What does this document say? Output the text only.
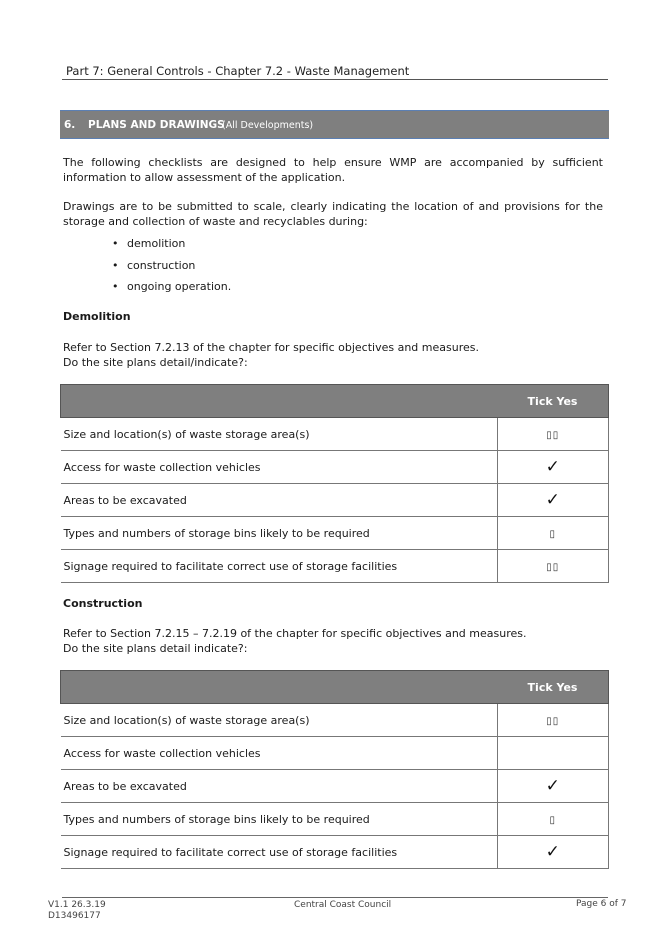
Part 7: General Controls - Chapter 7.2 - Waste Management
6. PLANS AND DRAWINGS
(All Developments)
The following checklists are designed to help ensure WMP are accompanied by sufficient information to allow assessment of the application.
Drawings are to be submitted to scale, clearly indicating the location of and provisions for the storage and collection of waste and recyclables during:
demolition
construction
ongoing operation.
Demolition
Refer to Section 7.2.13 of the chapter for specific objectives and measures.
Do the site plans detail/indicate?:
	Tick Yes
Size and location(s) of waste storage area(s)	▯▯
Access for waste collection vehicles	✓
Areas to be excavated	✓
Types and numbers of storage bins likely to be required	▯
Signage required to facilitate correct use of storage facilities	▯▯
Construction
Refer to Section 7.2.15 – 7.2.19 of the chapter for specific objectives and measures.
Do the site plans detail indicate?:
	Tick Yes
Size and location(s) of waste storage area(s)	▯▯
Access for waste collection vehicles	
Areas to be excavated	✓
Types and numbers of storage bins likely to be required	▯
Signage required to facilitate correct use of storage facilities	✓
V1.1 26.3.19
D13496177
Central Coast Council	Page 6 of 7
